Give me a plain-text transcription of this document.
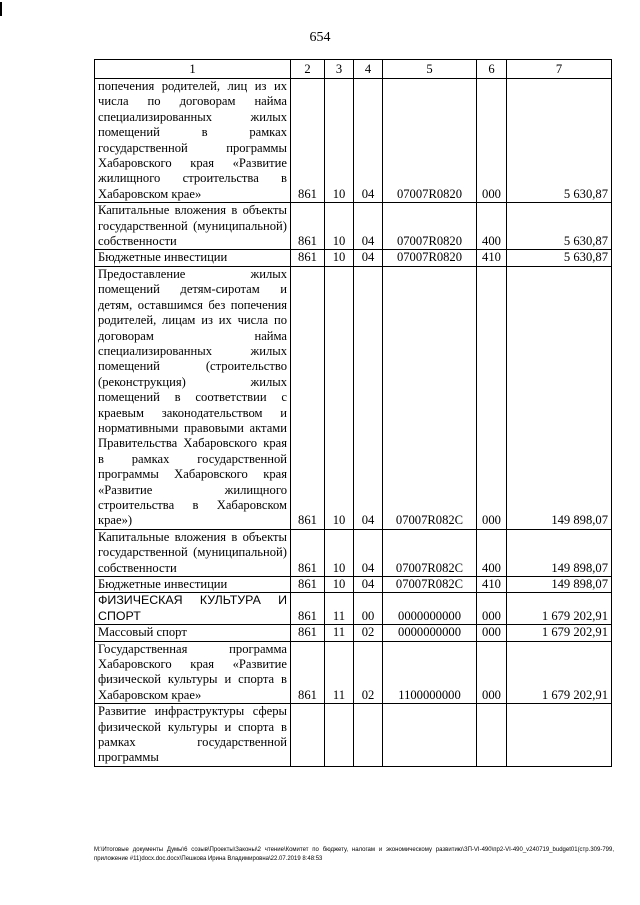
654
1	2	3	4	5	6	7
попечения родителей, лиц из их числа по договорам найма специализированных жилых помещений в рамках государственной программы Хабаровского края «Развитие жилищного строительства в Хабаровском крае»	861	10	04	07007R0820	000	5 630,87
Капитальные вложения в объекты государственной (муниципальной) собственности	861	10	04	07007R0820	400	5 630,87
Бюджетные инвестиции	861	10	04	07007R0820	410	5 630,87
Предоставление жилых помещений детям-сиротам и детям, оставшимся без попечения родителей, лицам из их числа по договорам найма специализированных жилых помещений (строительство (реконструкция) жилых помещений в соответствии с краевым законодательством и нормативными правовыми актами Правительства Хабаровского края в рамках государственной программы Хабаровского края «Развитие жилищного строительства в Хабаровском крае»)	861	10	04	07007R082С	000	149 898,07
Капитальные вложения в объекты государственной (муниципальной) собственности	861	10	04	07007R082С	400	149 898,07
Бюджетные инвестиции	861	10	04	07007R082С	410	149 898,07
ФИЗИЧЕСКАЯ КУЛЬТУРА И СПОРТ	861	11	00	0000000000	000	1 679 202,91
Массовый спорт	861	11	02	0000000000	000	1 679 202,91
Государственная программа Хабаровского края «Развитие физической культуры и спорта в Хабаровском крае»	861	11	02	1100000000	000	1 679 202,91
Развитие инфраструктуры сферы физической культуры и спорта в рамках государственной программы						
М:\Итоговые документы Думы\6 созыв\Проекты\Законы\2 чтение\Комитет по бюджету, налогам и экономическому развитию\ЗП-VI-490\пр2-VI-490_v240719_budget01(стр.309-799, приложение #11)docx.doc.docx\Пешкова Ирина Владимировна\22.07.2019 8:48:53
